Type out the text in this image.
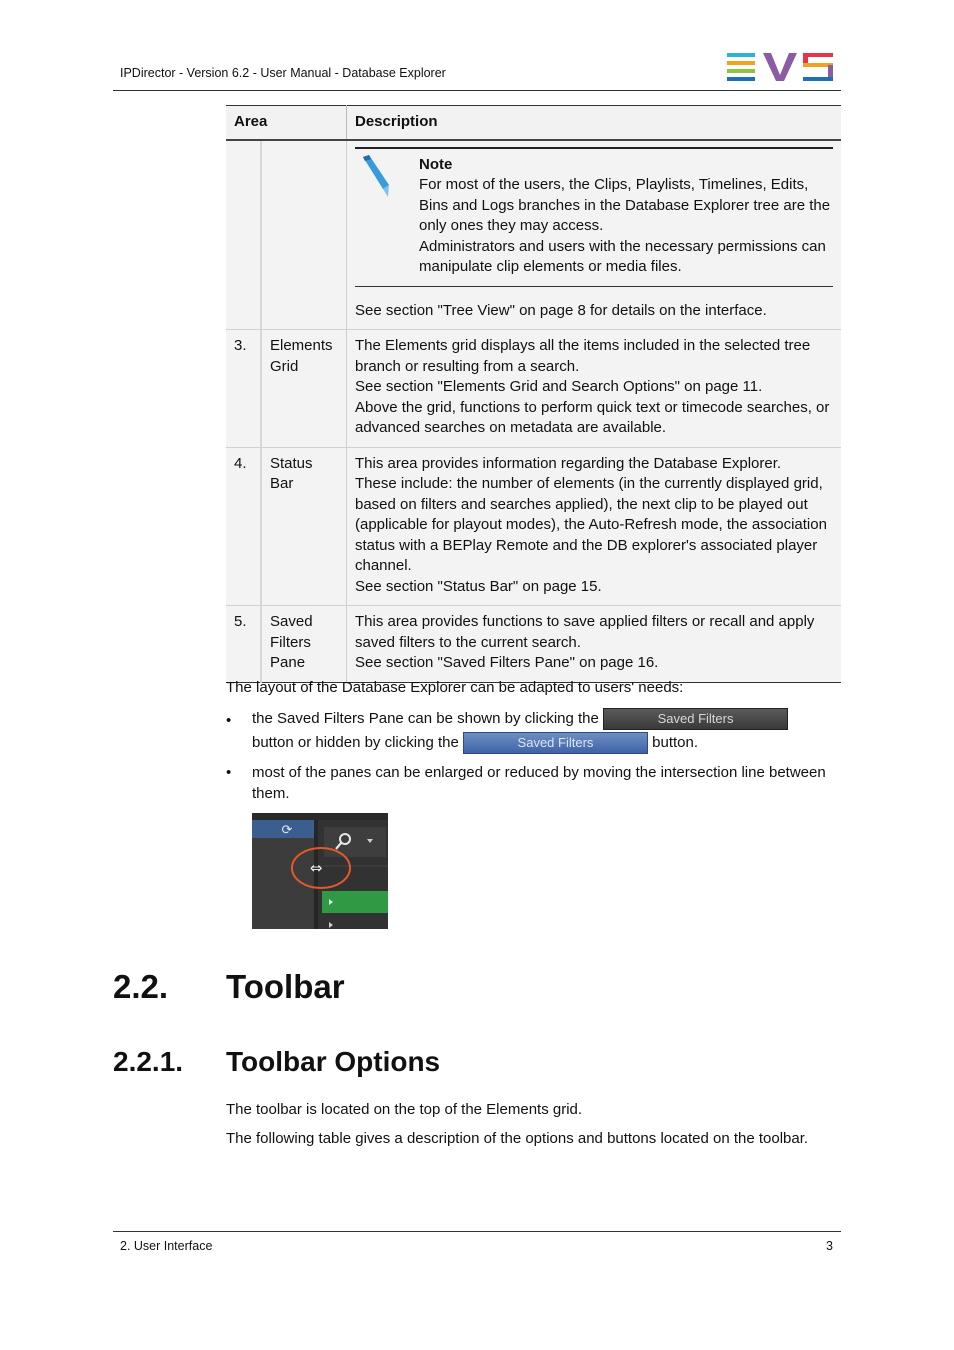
IPDirector - Version 6.2 - User Manual - Database Explorer
Area		Description

		Note
For most of the users, the Clips, Playlists, Timelines, Edits, Bins and Logs branches in the Database Explorer tree are the only ones they may access.
Administrators and users with the necessary permissions can manipulate clip elements or media files.
See section "Tree View" on page 8 for details on the interface.

3.	Elements Grid	The Elements grid displays all the items included in the selected tree branch or resulting from a search.
See section "Elements Grid and Search Options" on page 11.
Above the grid, functions to perform quick text or timecode searches, or advanced searches on metadata are available.

4.	Status Bar	This area provides information regarding the Database Explorer.
These include: the number of elements (in the currently displayed grid, based on filters and searches applied), the next clip to be played out (applicable for playout modes), the Auto-Refresh mode, the association status with a BEPlay Remote and the DB explorer's associated player channel.
See section "Status Bar" on page 15.

5.	Saved Filters Pane	This area provides functions to save applied filters or recall and apply saved filters to the current search.
See section "Saved Filters Pane" on page 16.
The layout of the Database Explorer can be adapted to users' needs:
• the Saved Filters Pane can be shown by clicking the	Saved Filters
button or hidden by clicking the	Saved Filters	button.
• most of the panes can be enlarged or reduced by moving the intersection line between them.
⟳
⇔
2.2. Toolbar
2.2.1. Toolbar Options
The toolbar is located on the top of the Elements grid.
The following table gives a description of the options and buttons located on the toolbar.
2. User Interface	3
